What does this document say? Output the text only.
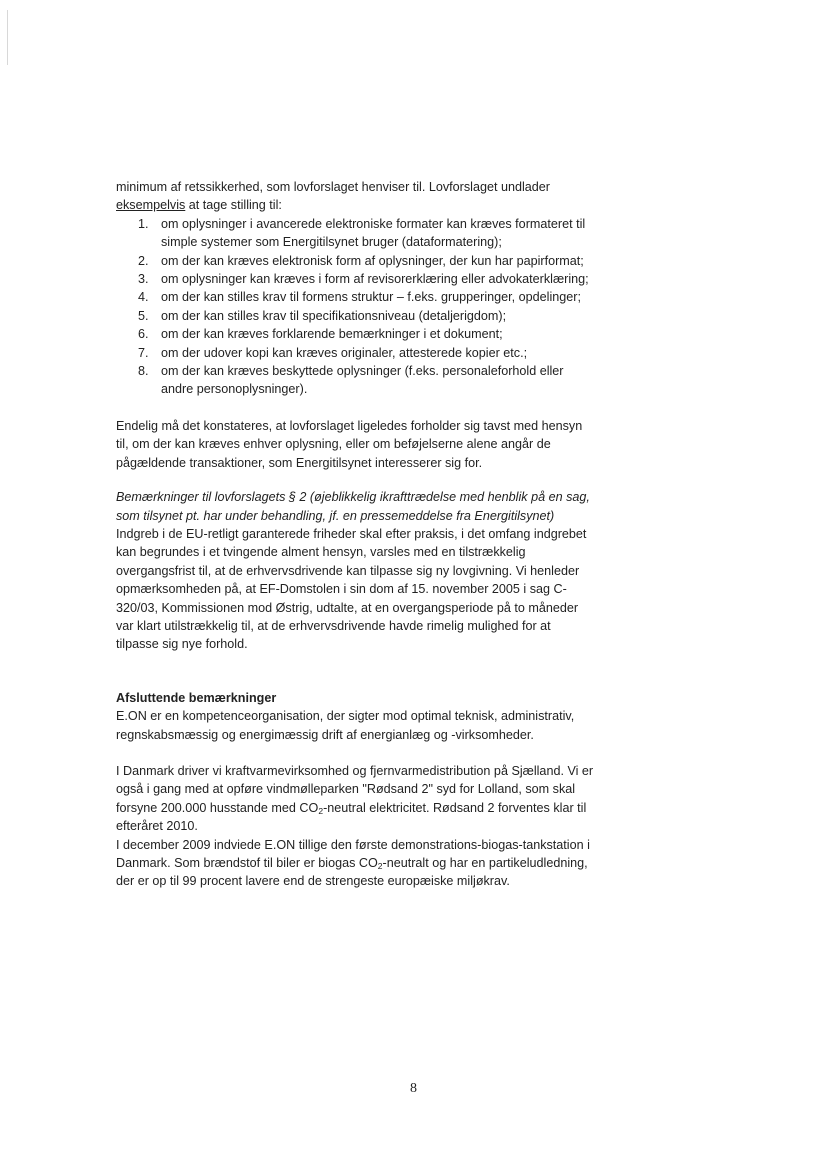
minimum af retssikkerhed, som lovforslaget henviser til. Lovforslaget undlader
eksempelvis at tage stilling til:

1. om oplysninger i avancerede elektroniske formater kan kræves formateret til simple systemer som Energitilsynet bruger (dataformatering);
2. om der kan kræves elektronisk form af oplysninger, der kun har papirformat;
3. om oplysninger kan kræves i form af revisorerklæring eller advokaterklæring;
4. om der kan stilles krav til formens struktur – f.eks. grupperinger, opdelinger;
5. om der kan stilles krav til specifikationsniveau (detaljerigdom);
6. om der kan kræves forklarende bemærkninger i et dokument;
7. om der udover kopi kan kræves originaler, attesterede kopier etc.;
8. om der kan kræves beskyttede oplysninger (f.eks. personaleforhold eller andre personoplysninger).

Endelig må det konstateres, at lovforslaget ligeledes forholder sig tavst med hensyn til, om der kan kræves enhver oplysning, eller om beføjelserne alene angår de pågældende transaktioner, som Energitilsynet interesserer sig for.

Bemærkninger til lovforslagets § 2 (øjeblikkelig ikrafttrædelse med henblik på en sag, som tilsynet pt. har under behandling, jf. en pressemeddelse fra Energitilsynet)

Indgreb i de EU-retligt garanterede friheder skal efter praksis, i det omfang indgrebet kan begrundes i et tvingende alment hensyn, varsles med en tilstrækkelig overgangsfrist til, at de erhvervsdrivende kan tilpasse sig ny lovgivning. Vi henleder opmærksomheden på, at EF-Domstolen i sin dom af 15. november 2005 i sag C-320/03, Kommissionen mod Østrig, udtalte, at en overgangsperiode på to måneder var klart utilstrækkelig til, at de erhvervsdrivende havde rimelig mulighed for at tilpasse sig nye forhold.

Afsluttende bemærkninger

E.ON er en kompetenceorganisation, der sigter mod optimal teknisk, administrativ, regnskabsmæssig og energimæssig drift af energianlæg og -virksomheder.

I Danmark driver vi kraftvarmevirksomhed og fjernvarmedistribution på Sjælland. Vi er også i gang med at opføre vindmølleparken "Rødsand 2" syd for Lolland, som skal forsyne 200.000 husstande med $CO_2$-neutral elektricitet. Rødsand 2 forventes klar til efteråret 2010.

I december 2009 indviede E.ON tillige den første demonstrations-biogas-tankstation i Danmark. Som brændstof til biler er biogas $CO_2$-neutralt og har en partikeludledning, der er op til 99 procent lavere end de strengeste europæiske miljøkrav.

8
